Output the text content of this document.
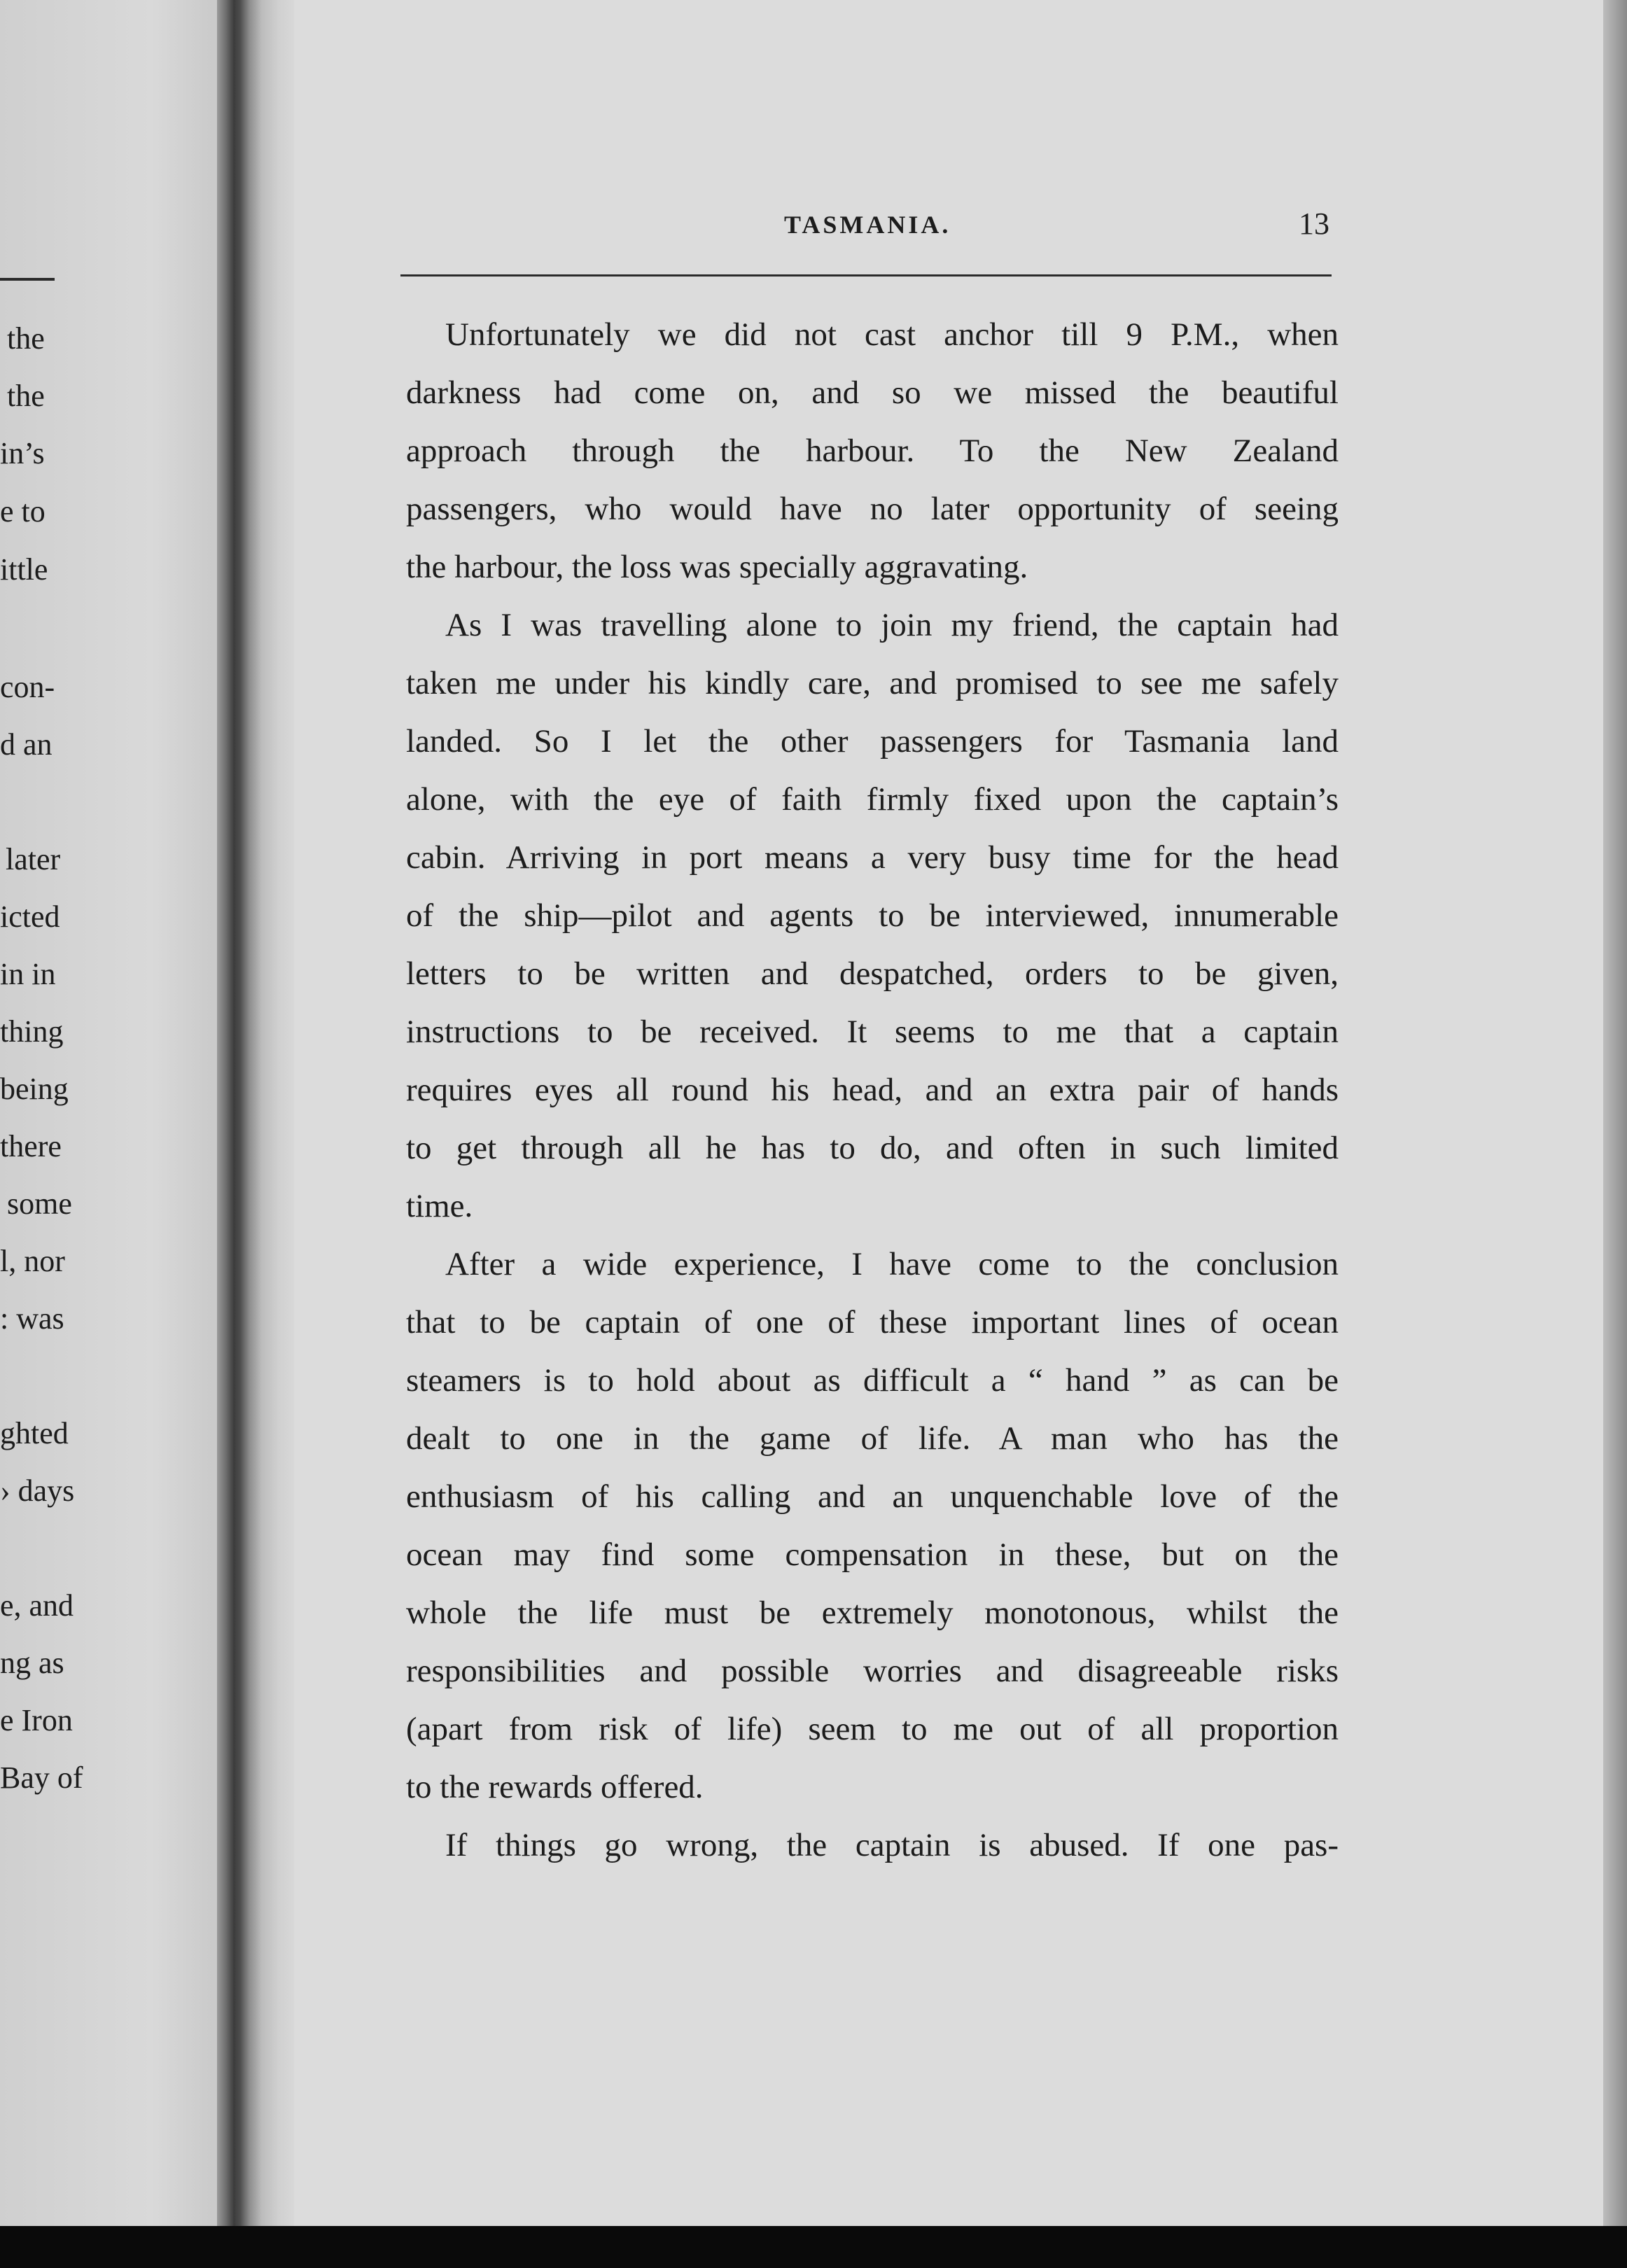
the
the
in’s
e to
ittle
con-
d an
later
icted
in in
thing
being
there
some
l, nor
: was
ghted
› days
e, and
ng as
e Iron
Bay of
TASMANIA.	13
Unfortunately we did not cast anchor till 9 P.M., when
darkness had come on, and so we missed the beautiful
approach through the harbour. To the New Zealand
passengers, who would have no later opportunity of seeing
the harbour, the loss was specially aggravating.
As I was travelling alone to join my friend, the captain had
taken me under his kindly care, and promised to see me safely
landed. So I let the other passengers for Tasmania land
alone, with the eye of faith firmly fixed upon the captain’s
cabin. Arriving in port means a very busy time for the head
of the ship—pilot and agents to be interviewed, innumerable
letters to be written and despatched, orders to be given,
instructions to be received. It seems to me that a captain
requires eyes all round his head, and an extra pair of hands
to get through all he has to do, and often in such limited
time.
After a wide experience, I have come to the conclusion
that to be captain of one of these important lines of ocean
steamers is to hold about as difficult a “ hand ” as can be
dealt to one in the game of life. A man who has the
enthusiasm of his calling and an unquenchable love of the
ocean may find some compensation in these, but on the
whole the life must be extremely monotonous, whilst the
responsibilities and possible worries and disagreeable risks
(apart from risk of life) seem to me out of all proportion
to the rewards offered.
If things go wrong, the captain is abused. If one pas-
